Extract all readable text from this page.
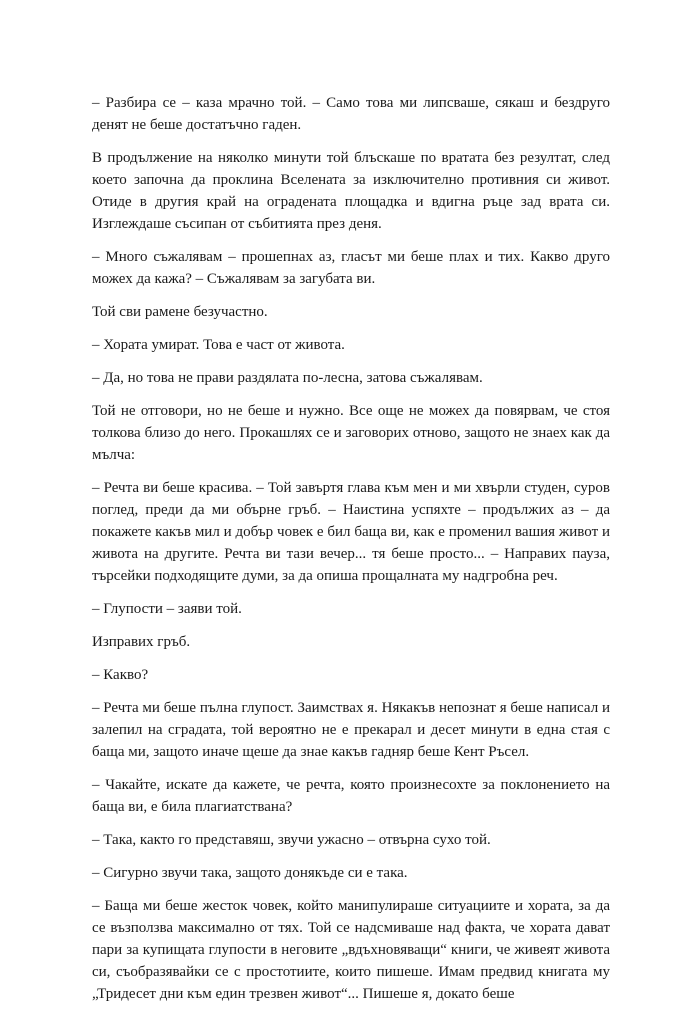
– Разбира се – каза мрачно той. – Само това ми липсваше, сякаш и бездруго денят не беше достатъчно гаден.

В продължение на няколко минути той блъскаше по вратата без резултат, след което започна да проклина Вселената за изключително противния си живот. Отиде в другия край на оградената площадка и вдигна ръце зад врата си. Изглеждаше съсипан от събитията през деня.

– Много съжалявам – прошепнах аз, гласът ми беше плах и тих. Какво друго можех да кажа? – Съжалявам за загубата ви.

Той сви рамене безучастно.

– Хората умират. Това е част от живота.

– Да, но това не прави раздялата по-лесна, затова съжалявам.

Той не отговори, но не беше и нужно. Все още не можех да повярвам, че стоя толкова близо до него. Прокашлях се и заговорих отново, защото не знаех как да мълча:

– Речта ви беше красива. – Той завъртя глава към мен и ми хвърли студен, суров поглед, преди да ми обърне гръб. – Наистина успяхте – продължих аз – да покажете какъв мил и добър човек е бил баща ви, как е променил вашия живот и живота на другите. Речта ви тази вечер... тя беше просто... – Направих пауза, търсейки подходящите думи, за да опиша прощалната му надгробна реч.

– Глупости – заяви той.

Изправих гръб.

– Какво?

– Речта ми беше пълна глупост. Заимствах я. Някакъв непознат я беше написал и залепил на сградата, той вероятно не е прекарал и десет минути в една стая с баща ми, защото иначе щеше да знае какъв гадняр беше Кент Ръсел.

– Чакайте, искате да кажете, че речта, която произнесохте за поклонението на баща ви, е била плагиатствана?

– Така, както го представяш, звучи ужасно – отвърна сухо той.

– Сигурно звучи така, защото донякъде си е така.

– Баща ми беше жесток човек, който манипулираше ситуациите и хората, за да се възползва максимално от тях. Той се надсмиваше над факта, че хората дават пари за купищата глупости в неговите „вдъхновяващи“ книги, че живеят живота си, съобразявайки се с простотиите, които пишеше. Имам предвид книгата му „Тридесет дни към един трезвен живот“... Пишеше я, докато беше
